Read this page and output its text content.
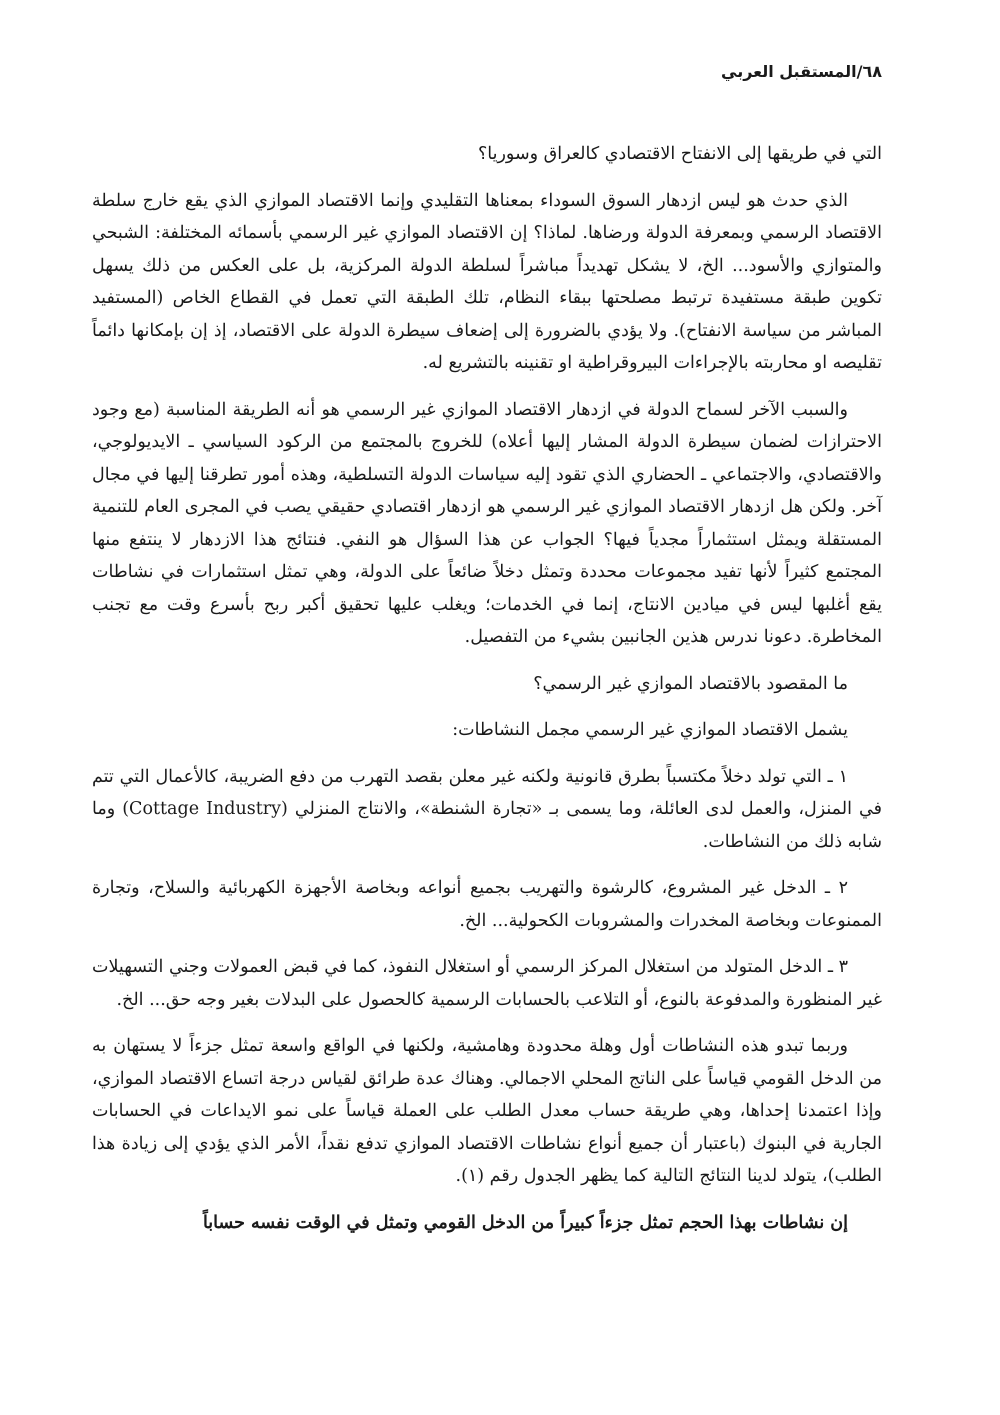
٦٨/المستقبل العربي

التي في طريقها إلى الانفتاح الاقتصادي كالعراق وسوريا؟

الذي حدث هو ليس ازدهار السوق السوداء بمعناها التقليدي وإنما الاقتصاد الموازي الذي يقع خارج سلطة الاقتصاد الرسمي وبمعرفة الدولة ورضاها. لماذا؟ إن الاقتصاد الموازي غير الرسمي بأسمائه المختلفة: الشبحي والمتوازي والأسود... الخ، لا يشكل تهديداً مباشراً لسلطة الدولة المركزية، بل على العكس من ذلك يسهل تكوين طبقة مستفيدة ترتبط مصلحتها ببقاء النظام، تلك الطبقة التي تعمل في القطاع الخاص (المستفيد المباشر من سياسة الانفتاح). ولا يؤدي بالضرورة إلى إضعاف سيطرة الدولة على الاقتصاد، إذ إن بإمكانها دائماً تقليصه او محاربته بالإجراءات البيروقراطية او تقنينه بالتشريع له.

والسبب الآخر لسماح الدولة في ازدهار الاقتصاد الموازي غير الرسمي هو أنه الطريقة المناسبة (مع وجود الاحترازات لضمان سيطرة الدولة المشار إليها أعلاه) للخروج بالمجتمع من الركود السياسي ـ الايديولوجي، والاقتصادي، والاجتماعي ـ الحضاري الذي تقود إليه سياسات الدولة التسلطية، وهذه أمور تطرقنا إليها في مجال آخر. ولكن هل ازدهار الاقتصاد الموازي غير الرسمي هو ازدهار اقتصادي حقيقي يصب في المجرى العام للتنمية المستقلة ويمثل استثماراً مجدياً فيها؟ الجواب عن هذا السؤال هو النفي. فنتائج هذا الازدهار لا ينتفع منها المجتمع كثيراً لأنها تفيد مجموعات محددة وتمثل دخلاً ضائعاً على الدولة، وهي تمثل استثمارات في نشاطات يقع أغلبها ليس في ميادين الانتاج، إنما في الخدمات؛ ويغلب عليها تحقيق أكبر ربح بأسرع وقت مع تجنب المخاطرة. دعونا ندرس هذين الجانبين بشيء من التفصيل.

ما المقصود بالاقتصاد الموازي غير الرسمي؟

يشمل الاقتصاد الموازي غير الرسمي مجمل النشاطات:

١ ـ التي تولد دخلاً مكتسباً بطرق قانونية ولكنه غير معلن بقصد التهرب من دفع الضريبة، كالأعمال التي تتم في المنزل، والعمل لدى العائلة، وما يسمى بـ «تجارة الشنطة»، والانتاج المنزلي (Cottage Industry) وما شابه ذلك من النشاطات.

٢ ـ الدخل غير المشروع، كالرشوة والتهريب بجميع أنواعه وبخاصة الأجهزة الكهربائية والسلاح، وتجارة الممنوعات وبخاصة المخدرات والمشروبات الكحولية... الخ.

٣ ـ الدخل المتولد من استغلال المركز الرسمي أو استغلال النفوذ، كما في قبض العمولات وجني التسهيلات غير المنظورة والمدفوعة بالنوع، أو التلاعب بالحسابات الرسمية كالحصول على البدلات بغير وجه حق... الخ.

وربما تبدو هذه النشاطات أول وهلة محدودة وهامشية، ولكنها في الواقع واسعة تمثل جزءاً لا يستهان به من الدخل القومي قياساً على الناتج المحلي الاجمالي. وهناك عدة طرائق لقياس درجة اتساع الاقتصاد الموازي، وإذا اعتمدنا إحداها، وهي طريقة حساب معدل الطلب على العملة قياساً على نمو الايداعات في الحسابات الجارية في البنوك (باعتبار أن جميع أنواع نشاطات الاقتصاد الموازي تدفع نقداً، الأمر الذي يؤدي إلى زيادة هذا الطلب)، يتولد لدينا النتائج التالية كما يظهر الجدول رقم (١).

إن نشاطات بهذا الحجم تمثل جزءاً كبيراً من الدخل القومي وتمثل في الوقت نفسه حساباً
